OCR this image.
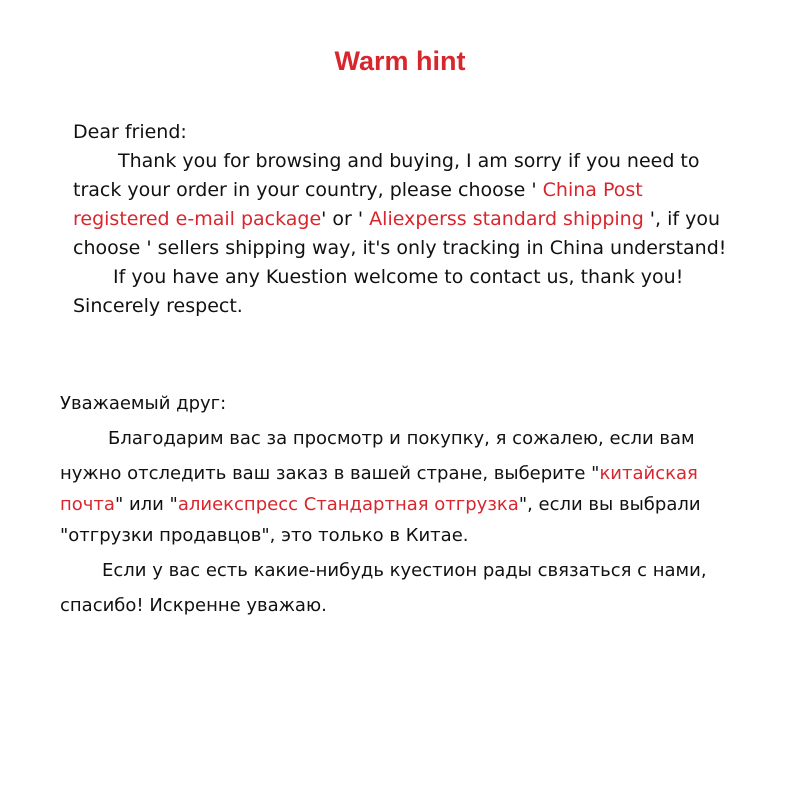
Warm hint
Dear friend:
Thank you for browsing and buying, I am sorry if you need to
track your order in your country, please choose ' China Post
registered e-mail package' or ' Aliexperss standard shipping ', if you
choose ' sellers shipping way, it's only tracking in China understand!
If you have any Kuestion welcome to contact us, thank you!
Sincerely respect.
Уважаемый друг:
Благодарим вас за просмотр и покупку, я сожалею, если вам
нужно отследить ваш заказ в вашей стране, выберите "китайская
почта" или "алиекспресс Стандартная отгрузка", если вы выбрали
"отгрузки продавцов", это только в Китае.
Если у вас есть какие-нибудь куестион рады связаться с нами,
спасибо! Искренне уважаю.
